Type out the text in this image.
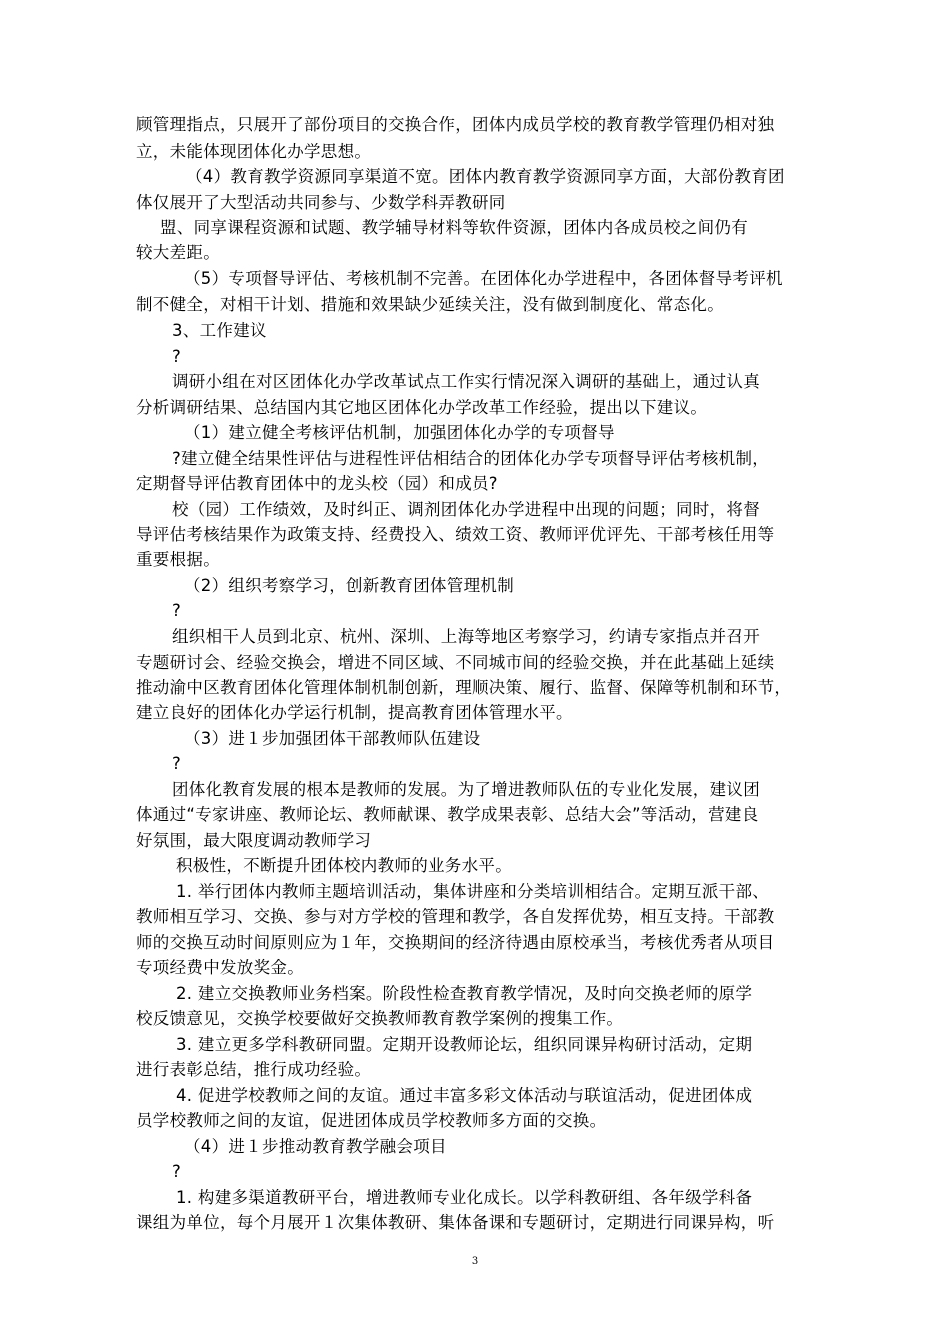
顾管理指点，只展开了部份项目的交换合作，团体内成员学校的教育教学管理仍相对独
立，未能体现团体化办学思想。
（4）教育教学资源同享渠道不宽。团体内教育教学资源同享方面，大部份教育团
体仅展开了大型活动共同参与、少数学科弄教研同
盟、同享课程资源和试题、教学辅导材料等软件资源，团体内各成员校之间仍有
较大差距。
（5）专项督导评估、考核机制不完善。在团体化办学进程中，各团体督导考评机
制不健全，对相干计划、措施和效果缺少延续关注，没有做到制度化、常态化。
3、工作建议
?
调研小组在对区团体化办学改革试点工作实行情况深入调研的基础上，通过认真
分析调研结果、总结国内其它地区团体化办学改革工作经验，提出以下建议。
（1）建立健全考核评估机制，加强团体化办学的专项督导
?建立健全结果性评估与进程性评估相结合的团体化办学专项督导评估考核机制，
定期督导评估教育团体中的龙头校（园）和成员?
校（园）工作绩效，及时纠正、调剂团体化办学进程中出现的问题；同时，将督
导评估考核结果作为政策支持、经费投入、绩效工资、教师评优评先、干部考核任用等
重要根据。
（2）组织考察学习，创新教育团体管理机制
?
组织相干人员到北京、杭州、深圳、上海等地区考察学习，约请专家指点并召开
专题研讨会、经验交换会，增进不同区域、不同城市间的经验交换，并在此基础上延续
推动渝中区教育团体化管理体制机制创新，理顺决策、履行、监督、保障等机制和环节，
建立良好的团体化办学运行机制，提高教育团体管理水平。
（3）进１步加强团体干部教师队伍建设
?
团体化教育发展的根本是教师的发展。为了增进教师队伍的专业化发展，建议团
体通过“专家讲座、教师论坛、教师献课、教学成果表彰、总结大会”等活动，营建良
好氛围，最大限度调动教师学习
积极性，不断提升团体校内教师的业务水平。
1. 举行团体内教师主题培训活动，集体讲座和分类培训相结合。定期互派干部、
教师相互学习、交换、参与对方学校的管理和教学，各自发挥优势，相互支持。干部教
师的交换互动时间原则应为１年，交换期间的经济待遇由原校承当，考核优秀者从项目
专项经费中发放奖金。
2. 建立交换教师业务档案。阶段性检查教育教学情况，及时向交换老师的原学
校反馈意见，交换学校要做好交换教师教育教学案例的搜集工作。
3. 建立更多学科教研同盟。定期开设教师论坛，组织同课异构研讨活动，定期
进行表彰总结，推行成功经验。
4. 促进学校教师之间的友谊。通过丰富多彩文体活动与联谊活动，促进团体成
员学校教师之间的友谊，促进团体成员学校教师多方面的交换。
（4）进１步推动教育教学融会项目
?
1. 构建多渠道教研平台，增进教师专业化成长。以学科教研组、各年级学科备
课组为单位，每个月展开１次集体教研、集体备课和专题研讨，定期进行同课异构，听
3
